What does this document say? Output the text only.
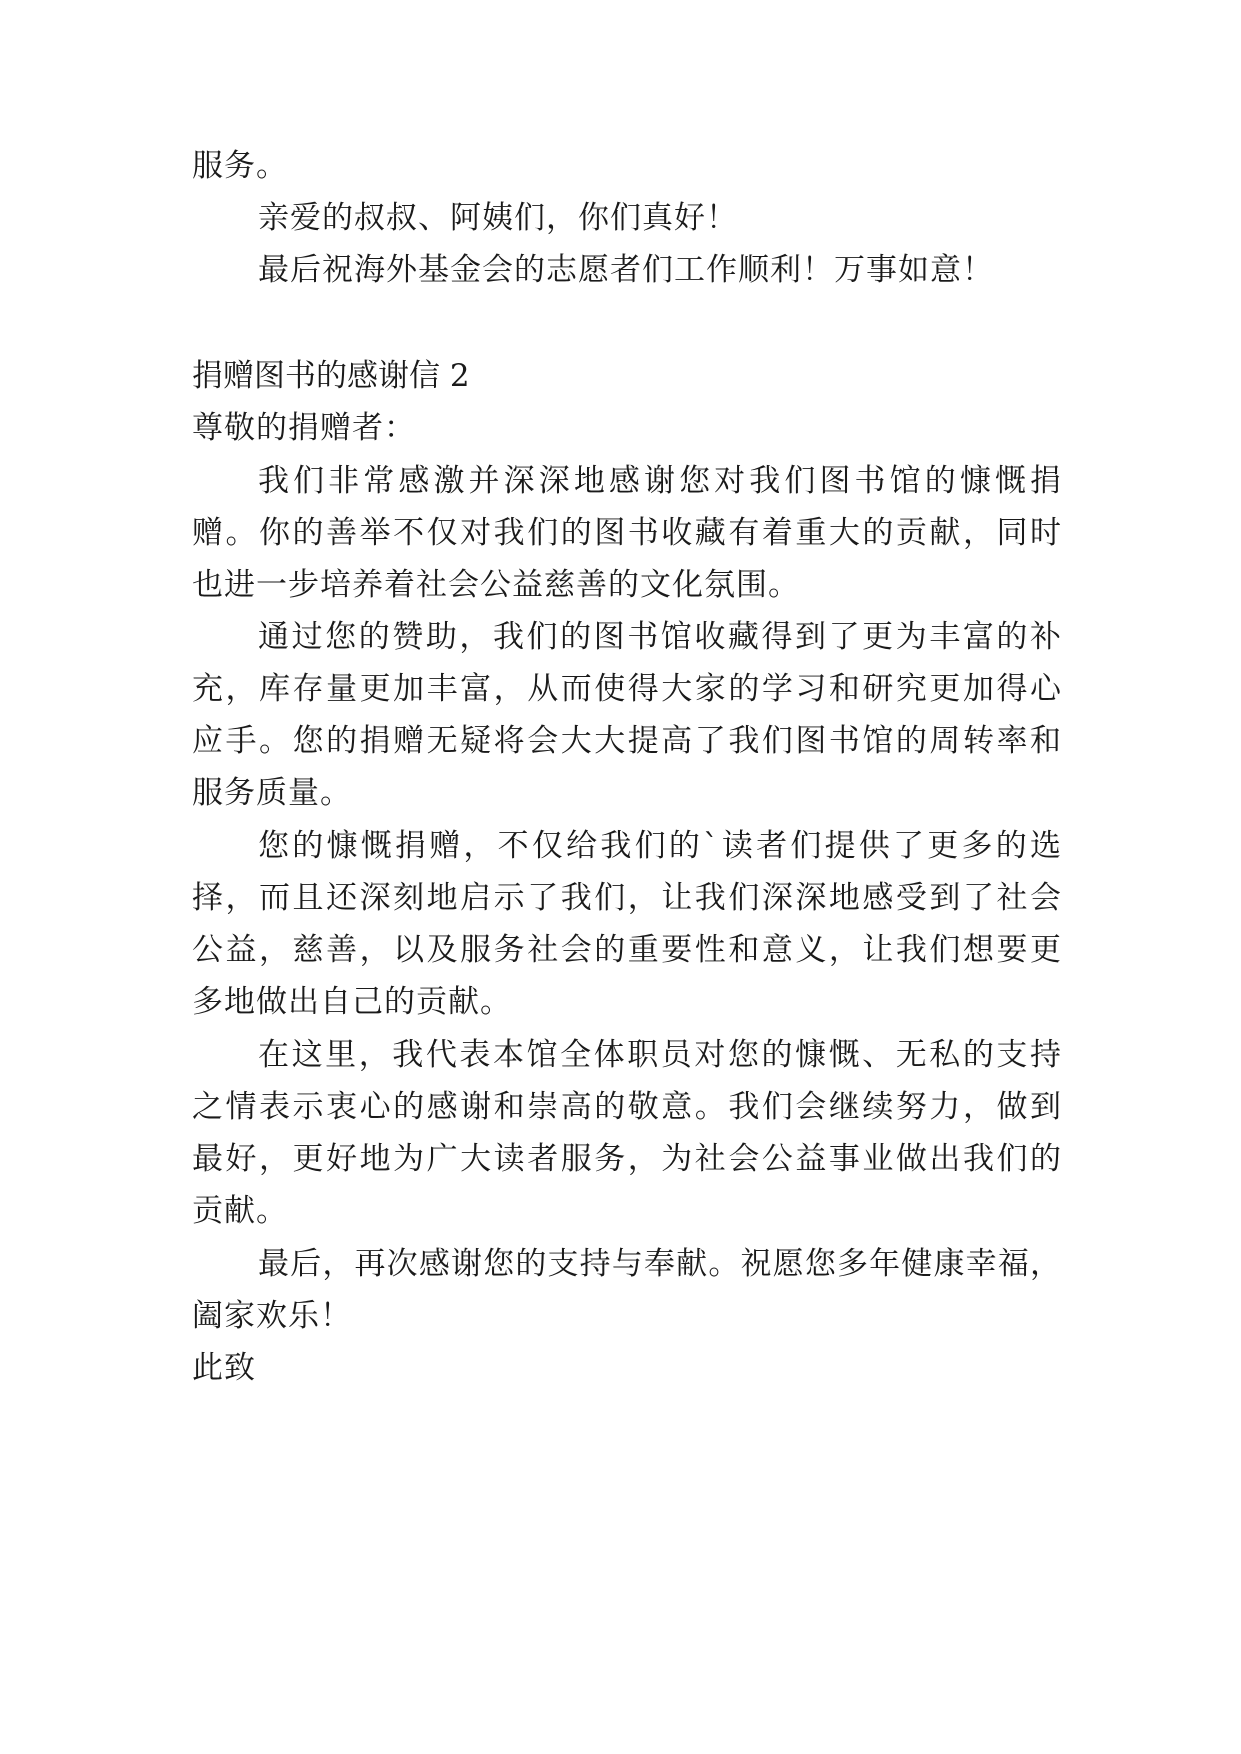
服务。
亲爱的叔叔、阿姨们，你们真好！
最后祝海外基金会的志愿者们工作顺利！万事如意！
捐赠图书的感谢信 2
尊敬的捐赠者：
我们非常感激并深深地感谢您对我们图书馆的慷慨捐
赠。你的善举不仅对我们的图书收藏有着重大的贡献，同时
也进一步培养着社会公益慈善的文化氛围。
通过您的赞助，我们的图书馆收藏得到了更为丰富的补
充，库存量更加丰富，从而使得大家的学习和研究更加得心
应手。您的捐赠无疑将会大大提高了我们图书馆的周转率和
服务质量。
您的慷慨捐赠，不仅给我们的`读者们提供了更多的选
择，而且还深刻地启示了我们，让我们深深地感受到了社会
公益，慈善，以及服务社会的重要性和意义，让我们想要更
多地做出自己的贡献。
在这里，我代表本馆全体职员对您的慷慨、无私的支持
之情表示衷心的感谢和崇高的敬意。我们会继续努力，做到
最好，更好地为广大读者服务，为社会公益事业做出我们的
贡献。
最后，再次感谢您的支持与奉献。祝愿您多年健康幸福，
阖家欢乐！
此致
